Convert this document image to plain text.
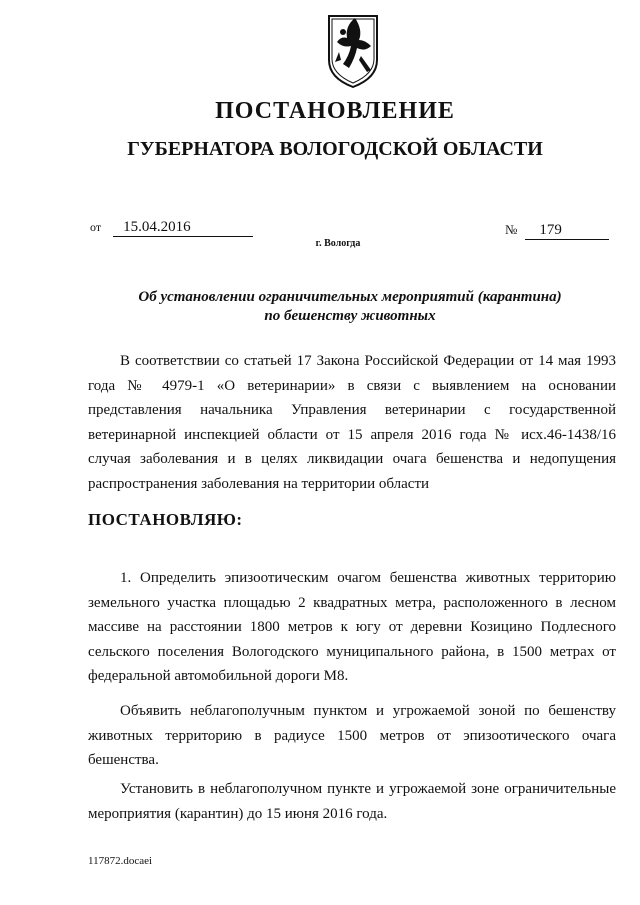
ПОСТАНОВЛЕНИЕ
ГУБЕРНАТОРА ВОЛОГОДСКОЙ ОБЛАСТИ
от 15.04.2016	№ 179
г. Вологда
Об установлении ограничительных мероприятий (карантина)
по бешенству животных
В соответствии со статьей 17 Закона Российской Федерации от 14 мая 1993 года № 4979-1 «О ветеринарии» в связи с выявлением на основании представления начальника Управления ветеринарии с государственной ветеринарной инспекцией области от 15 апреля 2016 года № исх.46-1438/16 случая заболевания и в целях ликвидации очага бешенства и недопущения распространения заболевания на территории области
ПОСТАНОВЛЯЮ:
1. Определить эпизоотическим очагом бешенства животных территорию земельного участка площадью 2 квадратных метра, расположенного в лесном массиве на расстоянии 1800 метров к югу от деревни Козицино Подлесного сельского поселения Вологодского муниципального района, в 1500 метрах от федеральной автомобильной дороги М8.
Объявить неблагополучным пунктом и угрожаемой зоной по бешенству животных территорию в радиусе 1500 метров от эпизоотического очага бешенства.
Установить в неблагополучном пункте и угрожаемой зоне ограничительные мероприятия (карантин) до 15 июня 2016 года.
117872.docaei
